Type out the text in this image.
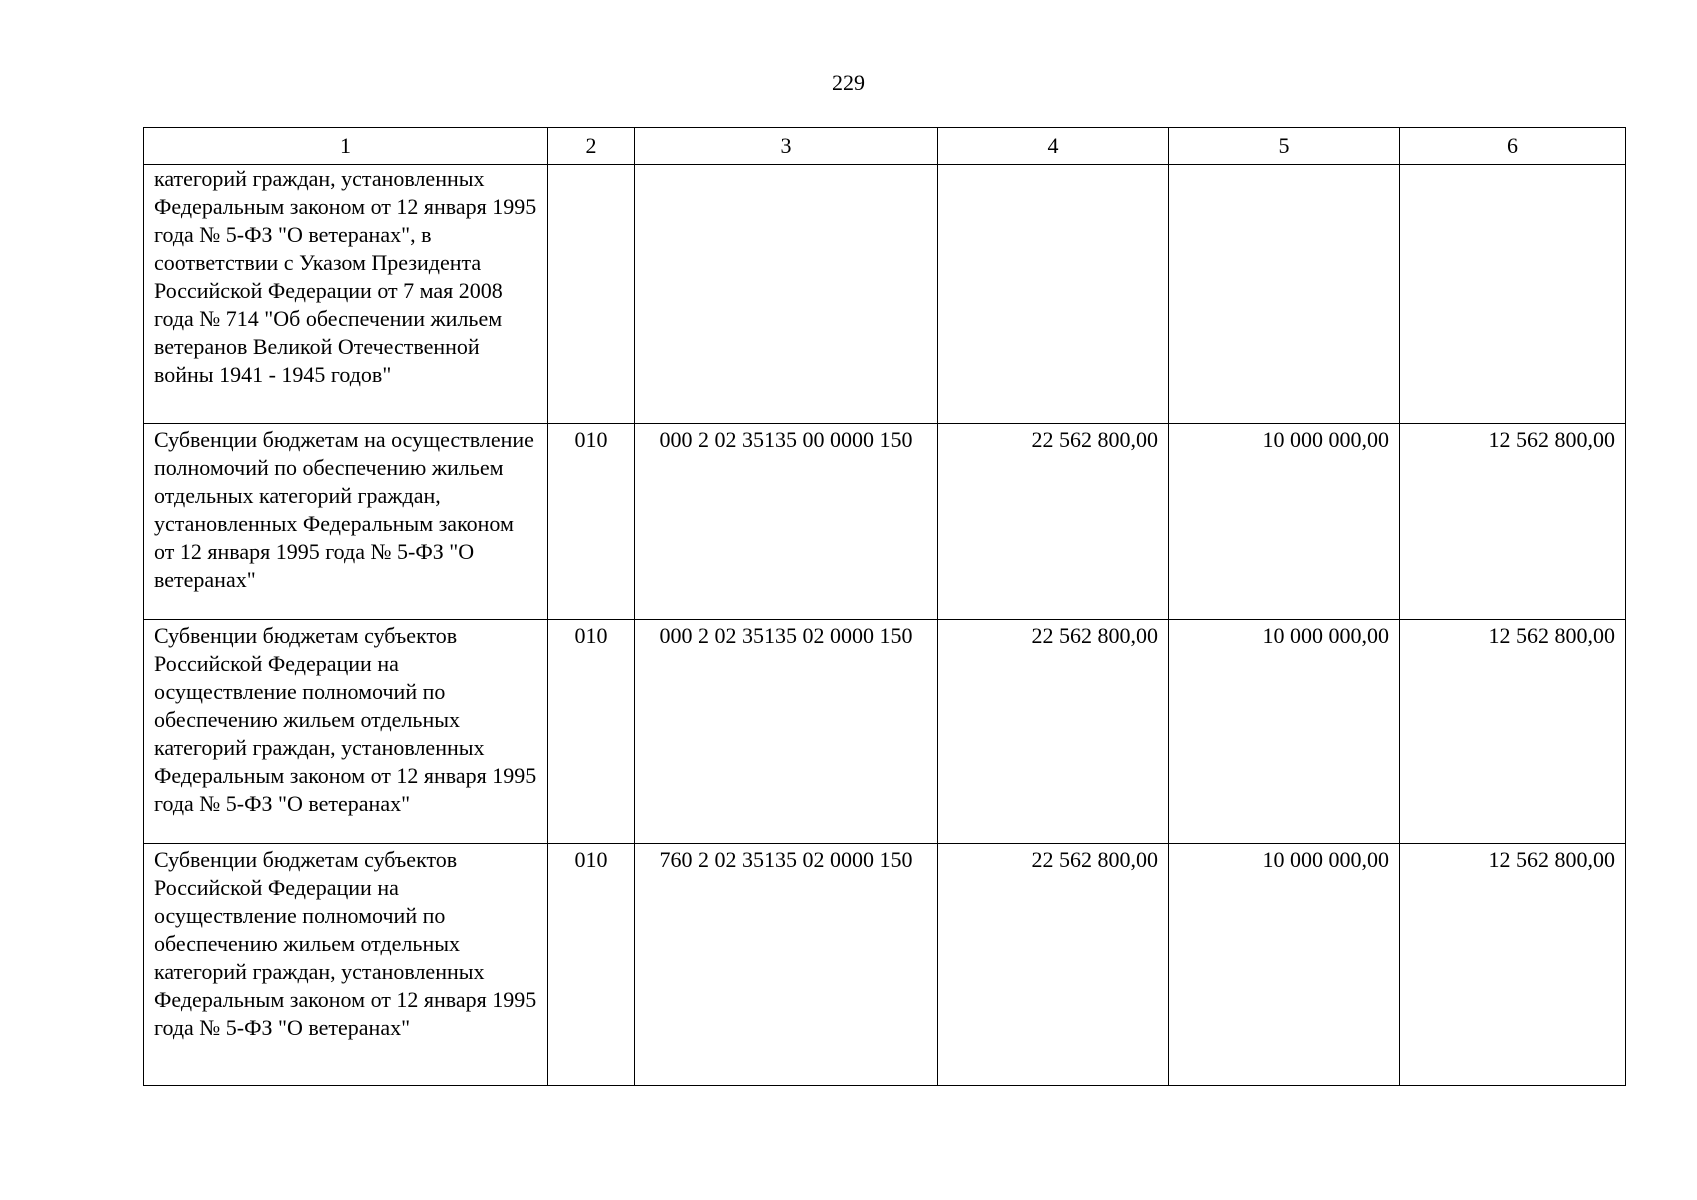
229
1	2	3	4	5	6
категорий граждан, установленных Федеральным законом от 12 января 1995 года № 5-ФЗ "О ветеранах", в соответствии с Указом Президента Российской Федерации от 7 мая 2008 года № 714 "Об обеспечении жильем ветеранов Великой Отечественной войны 1941 - 1945 годов"					
Субвенции бюджетам на осуществление полномочий по обеспечению жильем отдельных категорий граждан, установленных Федеральным законом от 12 января 1995 года № 5-ФЗ "О ветеранах"	010	000 2 02 35135 00 0000 150	22 562 800,00	10 000 000,00	12 562 800,00
Субвенции бюджетам субъектов Российской Федерации на осуществление полномочий по обеспечению жильем отдельных категорий граждан, установленных Федеральным законом от 12 января 1995 года № 5-ФЗ "О ветеранах"	010	000 2 02 35135 02 0000 150	22 562 800,00	10 000 000,00	12 562 800,00
Субвенции бюджетам субъектов Российской Федерации на осуществление полномочий по обеспечению жильем отдельных категорий граждан, установленных Федеральным законом от 12 января 1995 года № 5-ФЗ "О ветеранах"	010	760 2 02 35135 02 0000 150	22 562 800,00	10 000 000,00	12 562 800,00
